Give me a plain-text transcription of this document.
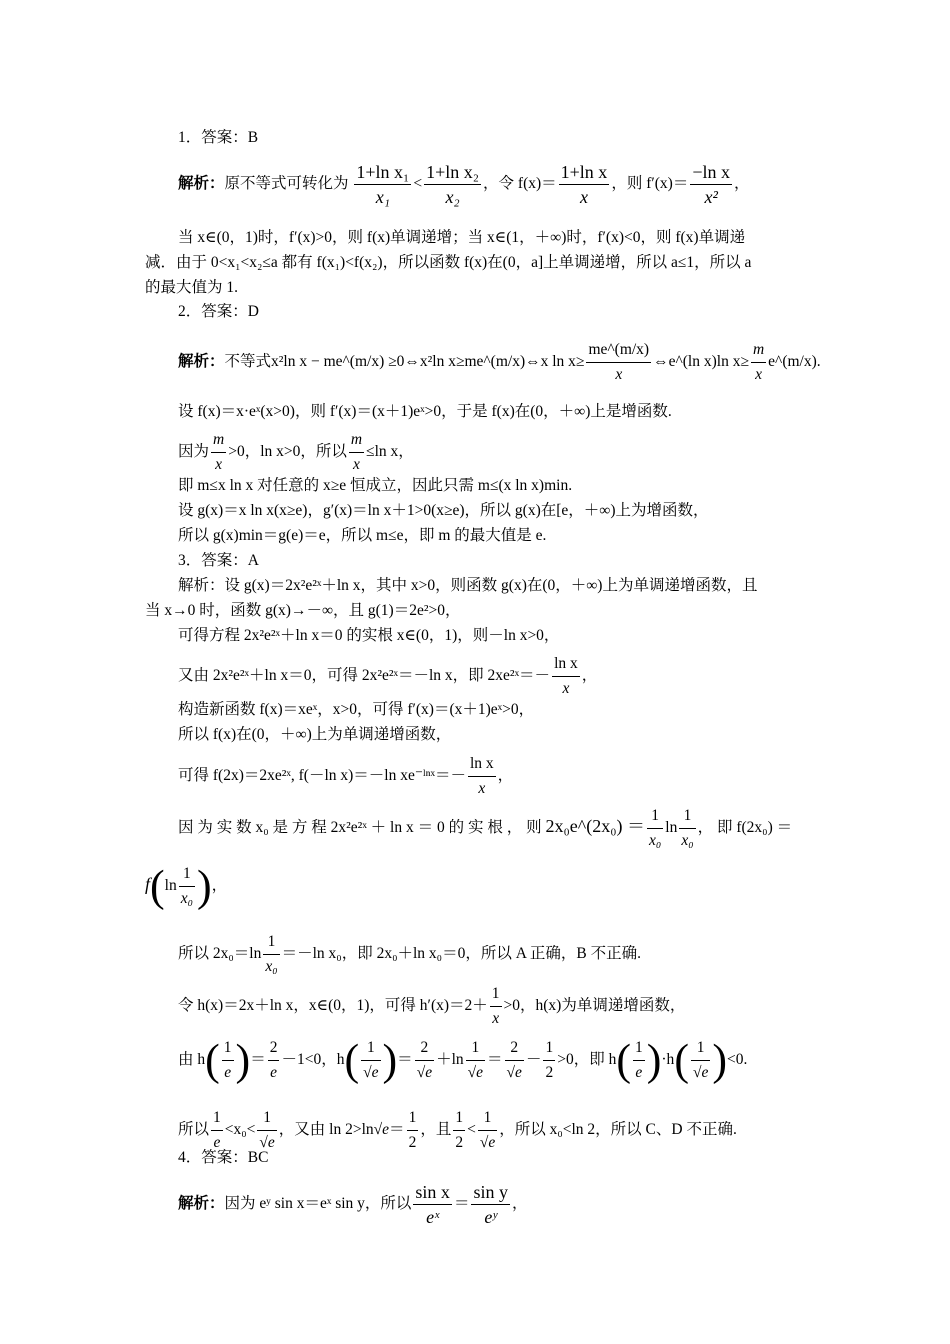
1．答案：B
解析：原不等式可转化为 $\frac{\text{1+ln x₁}}{\text{x₁}} < \frac{\text{1+ln x₂}}{\text{x₂}}$ ，令 $f(x)= \frac{\text{1+ln x}}{x}$ ，则 $f'(x)= \frac{\text{−ln x}}{\text{x²}}$ ，
当 x∈(0，1)时，f′(x)>0，则 f(x)单调递增；当 x∈(1，＋∞)时，f′(x)<0，则 f(x)单调递
减．由于 0<x₁<x₂≤a 都有 f(x₁)<f(x₂)，所以函数 f(x)在(0，a]上单调递增，所以 a≤1，所以 a
的最大值为 1.
2．答案：D
解析：不等式x²ln x − me^(m/x) ≥0⇔x²ln x≥me^(m/x)⇔x $\ln x\ge \frac{me\^{}(m/x)}{x}$ ⇔e^(ln x)ln $x\ge \frac{m}{x}$ e^(m/x).
设 f(x)＝x·eˣ(x>0)，则 f′(x)＝(x＋1)eˣ>0，于是 f(x)在(0，＋∞)上是增函数.
因为 $\frac{m}{x} >0$，ln x>0，所以 $\frac{m}{x} \le\ln$ x，
即 m≤x ln x 对任意的 x≥e 恒成立，因此只需 m≤(x ln x)min.
设 g(x)＝x ln x(x≥e)，g′(x)＝ln x＋1>0(x≥e)，所以 g(x)在[e，＋∞)上为增函数，
所以 g(x)min＝g(e)＝e，所以 m≤e，即 m 的最大值是 e.
3．答案：A
解析：设 g(x)＝2x²e²ˣ＋ln x，其中 x>0，则函数 g(x)在(0，＋∞)上为单调递增函数，且
当 x→0 时，函数 g(x)→－∞，且 g(1)＝2e²>0，
可得方程 2x²e²ˣ＋ln x＝0 的实根 x∈(0，1)，则－ln x>0，
又由 2x²e²ˣ＋ln x＝0，可得 2x²e²ˣ＝－ln x，即 2xe²ˣ＝－ $\frac{\text{ln x}}{x}$ ，
构造新函数 f(x)＝xeˣ，x>0，可得 f′(x)＝(x＋1)eˣ>0，
所以 f(x)在(0，＋∞)上为单调递增函数，
可得 f(2x)＝2xe²ˣ, f(－ln x)＝－ln xe⁻ˡⁿˣ＝－ $\frac{\text{ln x}}{x}$ ，
因 为 实 数 x₀ 是 方 程 2x²e²ˣ ＋ ln x ＝ 0 的 实 根 ， 则 2x₀e^(2x₀) ＝ $\frac{1}{\text{x₀}}$ $\ln \frac{1}{\text{x₀}}$ ， 即 f(2x₀) ＝
$f(\ln \frac{1}{\text{x₀}}$ )，
所以 $2x_0=\ln \frac{1}{\text{x₀}} =-\ln$ x₀，即 2x₀＋ln x₀＝0，所以 A 正确，B 不正确.
令 h(x)＝2x＋ln x，x∈(0，1)，可得 $h'(x)=2+ \frac{1}{x} >0$，h(x)为单调递增函数，
由 $h( \frac{1}{e}$ )＝ $\frac{2}{e} -1<0$，$h( \frac{1}{√e}$ )＝ $\frac{2}{√e} +\ln \frac{1}{√e} = \frac{2}{√e} - \frac{1}{2} >0$，即 $h( \frac{1}{e} )\cdot h( \frac{1}{√e} )<0$.
所以 $\frac{1}{e} <x_0< \frac{1}{√e}$ ，又由 $\ln 2>\ln√e= \frac{1}{2}$ ，且 $\frac{1}{2} < \frac{1}{√e}$ ，所以 x₀<ln 2，所以 C、D 不正确.
4．答案：BC
解析：因为 eʸ sin x＝eˣ sin y，所以 $\frac{\text{sin x}}{\text{eˣ}} = \frac{\text{sin y}}{\text{eʸ}}$ ，
